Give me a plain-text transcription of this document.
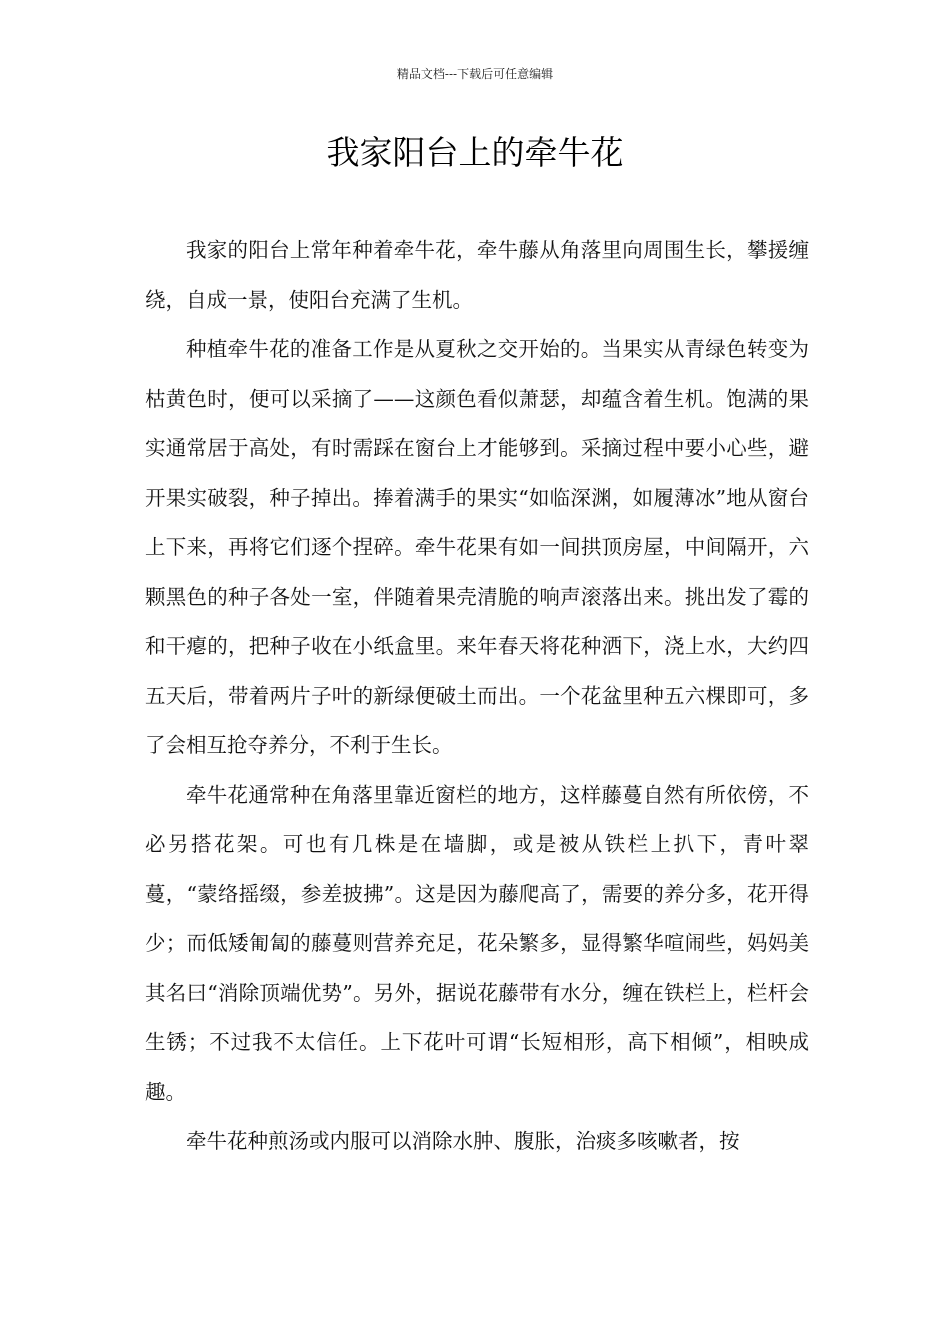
精品文档---下载后可任意编辑
我家阳台上的牵牛花

我家的阳台上常年种着牵牛花，牵牛藤从角落里向周围生长，攀援缠绕，自成一景，使阳台充满了生机。

种植牵牛花的准备工作是从夏秋之交开始的。当果实从青绿色转变为枯黄色时，便可以采摘了——这颜色看似萧瑟，却蕴含着生机。饱满的果实通常居于高处，有时需踩在窗台上才能够到。采摘过程中要小心些，避开果实破裂，种子掉出。捧着满手的果实“如临深渊，如履薄冰”地从窗台上下来，再将它们逐个捏碎。牵牛花果有如一间拱顶房屋，中间隔开，六颗黑色的种子各处一室，伴随着果壳清脆的响声滚落出来。挑出发了霉的和干瘪的，把种子收在小纸盒里。来年春天将花种洒下，浇上水，大约四五天后，带着两片子叶的新绿便破土而出。一个花盆里种五六棵即可，多了会相互抢夺养分，不利于生长。

牵牛花通常种在角落里靠近窗栏的地方，这样藤蔓自然有所依傍，不必另搭花架。可也有几株是在墙脚，或是被从铁栏上扒下，青叶翠蔓，“蒙络摇缀，参差披拂”。这是因为藤爬高了，需要的养分多，花开得少；而低矮匍匐的藤蔓则营养充足，花朵繁多，显得繁华喧闹些，妈妈美其名曰“消除顶端优势”。另外，据说花藤带有水分，缠在铁栏上，栏杆会生锈；不过我不太信任。上下花叶可谓“长短相形，高下相倾”，相映成趣。

牵牛花种煎汤或内服可以消除水肿、腹胀，治痰多咳嗽者，按
